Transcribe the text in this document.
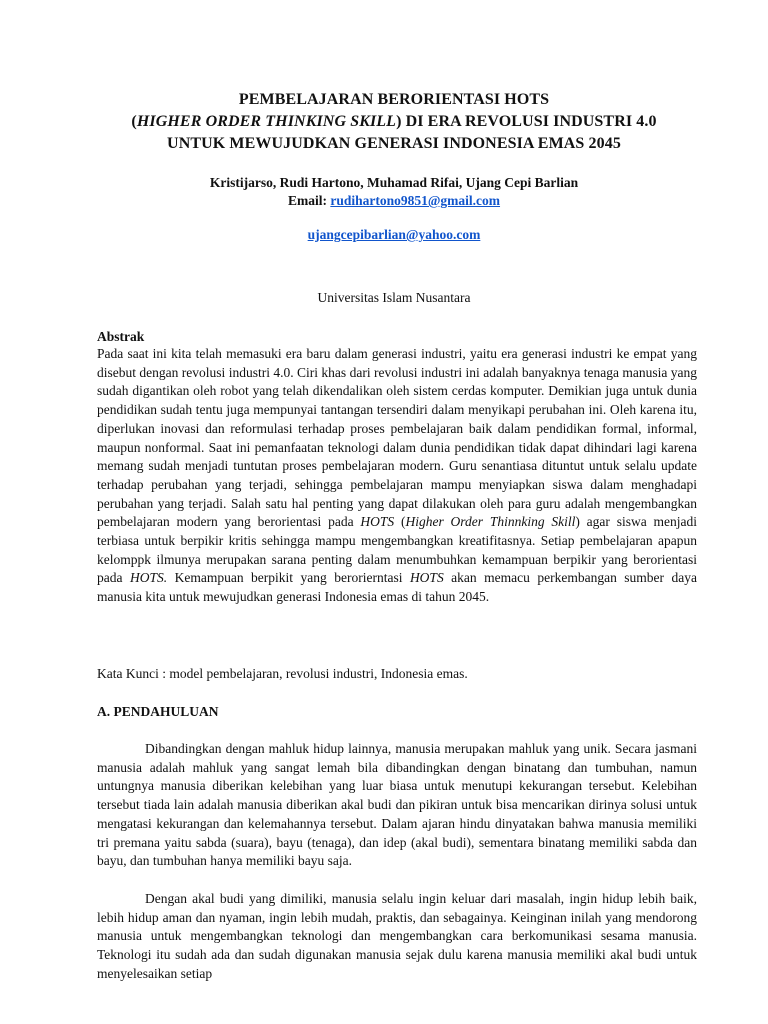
PEMBELAJARAN BERORIENTASI HOTS
(HIGHER ORDER THINKING SKILL) DI ERA REVOLUSI INDUSTRI 4.0
UNTUK MEWUJUDKAN GENERASI INDONESIA EMAS 2045
Kristijarso, Rudi Hartono, Muhamad Rifai, Ujang Cepi Barlian
Email: rudihartono9851@gmail.com
ujangcepibarlian@yahoo.com
Universitas Islam Nusantara
Abstrak

Pada saat ini kita telah memasuki era baru dalam generasi industri, yaitu era generasi industri ke empat yang disebut dengan revolusi industri 4.0. Ciri khas dari revolusi industri ini adalah banyaknya tenaga manusia yang sudah digantikan oleh robot yang telah dikendalikan oleh sistem cerdas komputer. Demikian juga untuk dunia pendidikan sudah tentu juga mempunyai tantangan tersendiri dalam menyikapi perubahan ini. Oleh karena itu, diperlukan inovasi dan reformulasi terhadap proses pembelajaran baik dalam pendidikan formal, informal, maupun nonformal. Saat ini pemanfaatan teknologi dalam dunia pendidikan tidak dapat dihindari lagi karena memang sudah menjadi tuntutan proses pembelajaran modern. Guru senantiasa dituntut untuk selalu update terhadap perubahan yang terjadi, sehingga pembelajaran mampu menyiapkan siswa dalam menghadapi perubahan yang terjadi. Salah satu hal penting yang dapat dilakukan oleh para guru adalah mengembangkan pembelajaran modern yang berorientasi pada HOTS (Higher Order Thinnking Skill) agar siswa menjadi terbiasa untuk berpikir kritis sehingga mampu mengembangkan kreatifitasnya. Setiap pembelajaran apapun kelomppk ilmunya merupakan sarana penting dalam menumbuhkan kemampuan berpikir yang berorientasi pada HOTS. Kemampuan berpikit yang berorierntasi HOTS akan memacu perkembangan sumber daya manusia kita untuk mewujudkan generasi Indonesia emas di tahun 2045.

Kata Kunci : model pembelajaran, revolusi industri, Indonesia emas.
A. PENDAHULUAN

Dibandingkan dengan mahluk hidup lainnya, manusia merupakan mahluk yang unik. Secara jasmani manusia adalah mahluk yang sangat lemah bila dibandingkan dengan binatang dan tumbuhan, namun untungnya manusia diberikan kelebihan yang luar biasa untuk menutupi kekurangan tersebut. Kelebihan tersebut tiada lain adalah manusia diberikan akal budi dan pikiran untuk bisa mencarikan dirinya solusi untuk mengatasi kekurangan dan kelemahannya tersebut. Dalam ajaran hindu dinyatakan bahwa manusia memiliki tri premana yaitu sabda (suara), bayu (tenaga), dan idep (akal budi), sementara binatang memiliki sabda dan bayu, dan tumbuhan hanya memiliki bayu saja.

Dengan akal budi yang dimiliki, manusia selalu ingin keluar dari masalah, ingin hidup lebih baik, lebih hidup aman dan nyaman, ingin lebih mudah, praktis, dan sebagainya. Keinginan inilah yang mendorong manusia untuk mengembangkan teknologi dan mengembangkan cara berkomunikasi sesama manusia. Teknologi itu sudah ada dan sudah digunakan manusia sejak dulu karena manusia memiliki akal budi untuk menyelesaikan setiap
